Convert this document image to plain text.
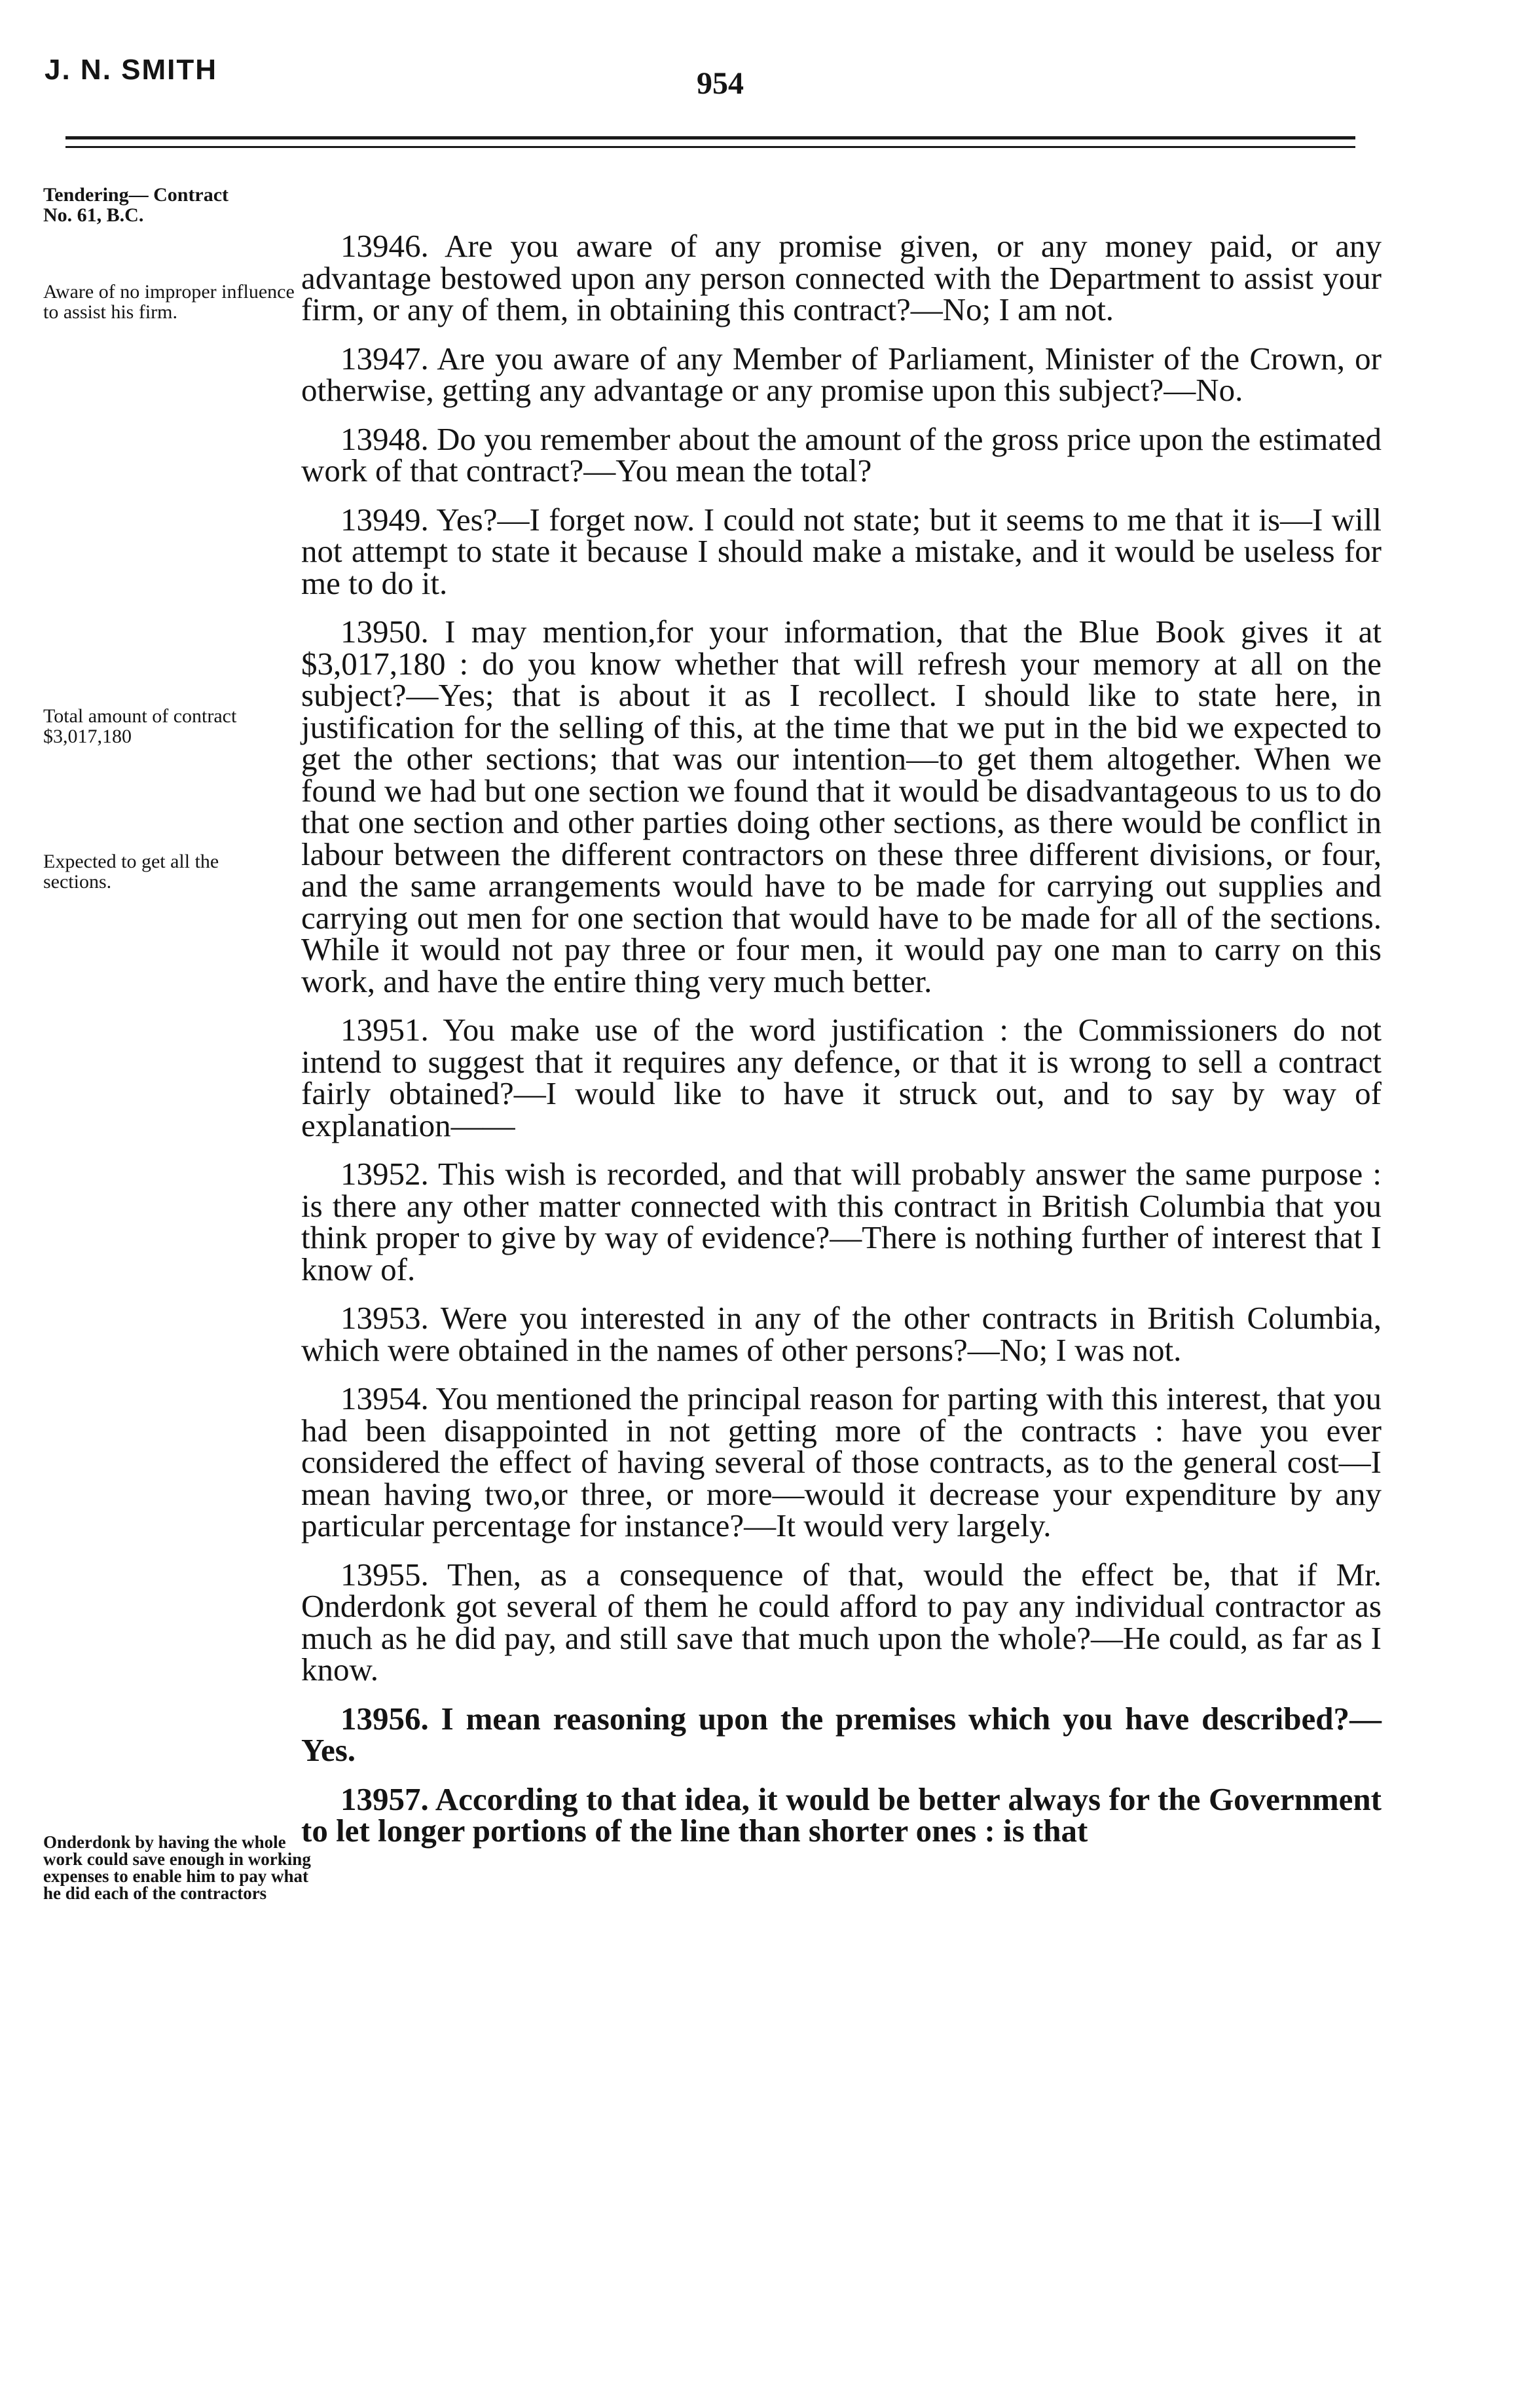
J. N. SMITH	954
Tendering— Contract No. 61, B.C.
Aware of no improper influence to assist his firm.
Total amount of contract $3,017,180
Expected to get all the sections.
Onderdonk by having the whole work could save enough in working expenses to enable him to pay what he did each of the contractors

13946. Are you aware of any promise given, or any money paid, or any advantage bestowed upon any person connected with the Department to assist your firm, or any of them, in obtaining this contract?—No; I am not.

13947. Are you aware of any Member of Parliament, Minister of the Crown, or otherwise, getting any advantage or any promise upon this subject?—No.

13948. Do you remember about the amount of the gross price upon the estimated work of that contract?—You mean the total?

13949. Yes?—I forget now. I could not state; but it seems to me that it is—I will not attempt to state it because I should make a mistake, and it would be useless for me to do it.

13950. I may mention,for your information, that the Blue Book gives it at $3,017,180 : do you know whether that will refresh your memory at all on the subject?—Yes; that is about it as I recollect. I should like to state here, in justification for the selling of this, at the time that we put in the bid we expected to get the other sections; that was our intention—to get them altogether. When we found we had but one section we found that it would be disadvantageous to us to do that one section and other parties doing other sections, as there would be conflict in labour between the different contractors on these three different divisions, or four, and the same arrangements would have to be made for carrying out supplies and carrying out men for one section that would have to be made for all of the sections. While it would not pay three or four men, it would pay one man to carry on this work, and have the entire thing very much better.

13951. You make use of the word justification : the Commissioners do not intend to suggest that it requires any defence, or that it is wrong to sell a contract fairly obtained?—I would like to have it struck out, and to say by way of explanation——

13952. This wish is recorded, and that will probably answer the same purpose : is there any other matter connected with this contract in British Columbia that you think proper to give by way of evidence?—There is nothing further of interest that I know of.

13953. Were you interested in any of the other contracts in British Columbia, which were obtained in the names of other persons?—No; I was not.

13954. You mentioned the principal reason for parting with this interest, that you had been disappointed in not getting more of the contracts : have you ever considered the effect of having several of those contracts, as to the general cost—I mean having two,or three, or more—would it decrease your expenditure by any particular percentage for instance?—It would very largely.

13955. Then, as a consequence of that, would the effect be, that if Mr. Onderdonk got several of them he could afford to pay any individual contractor as much as he did pay, and still save that much upon the whole?—He could, as far as I know.

13956. I mean reasoning upon the premises which you have described?—Yes.

13957. According to that idea, it would be better always for the Government to let longer portions of the line than shorter ones : is that
